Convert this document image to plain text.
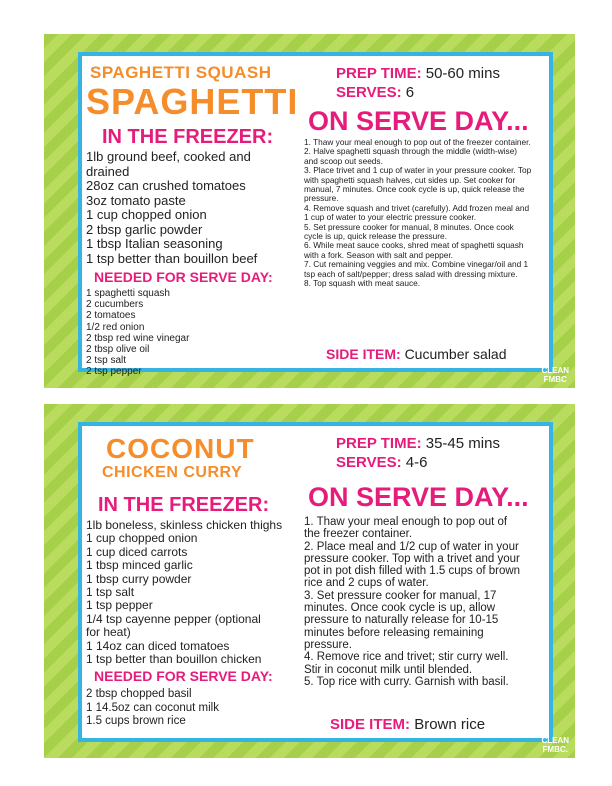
SPAGHETTI SQUASH

SPAGHETTI

IN THE FREEZER:

1lb ground beef, cooked and
drained
28oz can crushed tomatoes
3oz tomato paste
1 cup chopped onion
2 tbsp garlic powder
1 tbsp Italian seasoning
1 tsp better than bouillon beef

NEEDED FOR SERVE DAY:

1 spaghetti squash
2 cucumbers
2 tomatoes
1/2 red onion
2 tbsp red wine vinegar
2 tbsp olive oil
2 tsp salt
2 tsp pepper

PREP TIME: 50-60 mins

SERVES: 6

ON SERVE DAY...

1. Thaw your meal enough to pop out of the freezer container.
2. Halve spaghetti squash through the middle (width-wise) and scoop out seeds.
3. Place trivet and 1 cup of water in your pressure cooker. Top with spaghetti squash halves, cut sides up. Set cooker for manual, 7 minutes. Once cook cycle is up, quick release the pressure.
4. Remove squash and trivet (carefully). Add frozen meal and 1 cup of water to your electric pressure cooker.
5. Set pressure cooker for manual, 8 minutes. Once cook cycle is up, quick release the pressure.
6. While meat sauce cooks, shred meat of spaghetti squash with a fork. Season with salt and pepper.
7. Cut remaining veggies and mix. Combine vinegar/oil and 1 tsp each of salt/pepper; dress salad with dressing mixture.
8. Top squash with meat sauce.

SIDE ITEM: Cucumber salad

CLEAN
FMBC

COCONUT

CHICKEN CURRY

IN THE FREEZER:

1lb boneless, skinless chicken thighs
1 cup chopped onion
1 cup diced carrots
1 tbsp minced garlic
1 tbsp curry powder
1 tsp salt
1 tsp pepper
1/4 tsp cayenne pepper (optional
for heat)
1 14oz can diced tomatoes
1 tsp better than bouillon chicken

NEEDED FOR SERVE DAY:

2 tbsp chopped basil
1 14.5oz can coconut milk
1.5 cups brown rice

PREP TIME: 35-45 mins

SERVES: 4-6

ON SERVE DAY...

1. Thaw your meal enough to pop out of the freezer container.
2. Place meal and 1/2 cup of water in your pressure cooker. Top with a trivet and your pot in pot dish filled with 1.5 cups of brown rice and 2 cups of water.
3. Set pressure cooker for manual, 17 minutes. Once cook cycle is up, allow pressure to naturally release for 10-15 minutes before releasing remaining pressure.
4. Remove rice and trivet; stir curry well. Stir in coconut milk until blended.
5. Top rice with curry. Garnish with basil.

SIDE ITEM: Brown rice

CLEAN
FMBC.
